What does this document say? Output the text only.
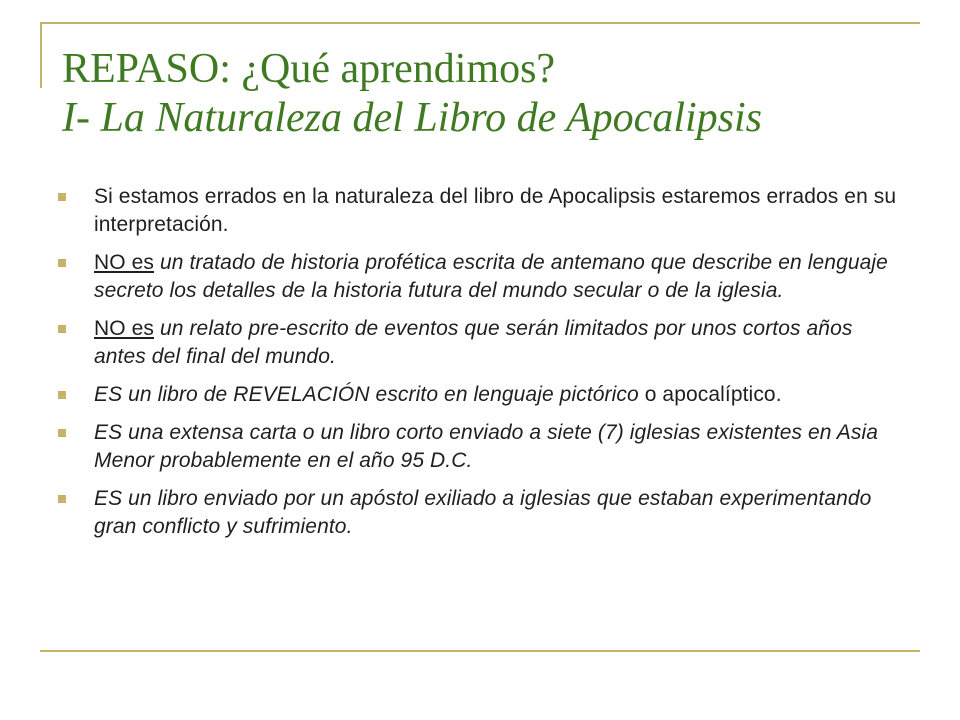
REPASO: ¿Qué aprendimos?
I- La Naturaleza del Libro de Apocalipsis
Si estamos errados en la naturaleza del libro de Apocalipsis estaremos errados en su interpretación.
NO es un tratado de historia profética escrita de antemano que describe en lenguaje secreto los detalles de la historia futura del mundo secular o de la iglesia.
NO es un relato pre-escrito de eventos que serán limitados por unos cortos años antes del final del mundo.
ES un libro de REVELACIÓN escrito en lenguaje pictórico o apocalíptico.
ES una extensa carta o un libro corto enviado a siete (7) iglesias existentes en Asia Menor probablemente en el año 95 D.C.
ES un libro enviado por un apóstol exiliado a iglesias que estaban experimentando gran conflicto y sufrimiento.
